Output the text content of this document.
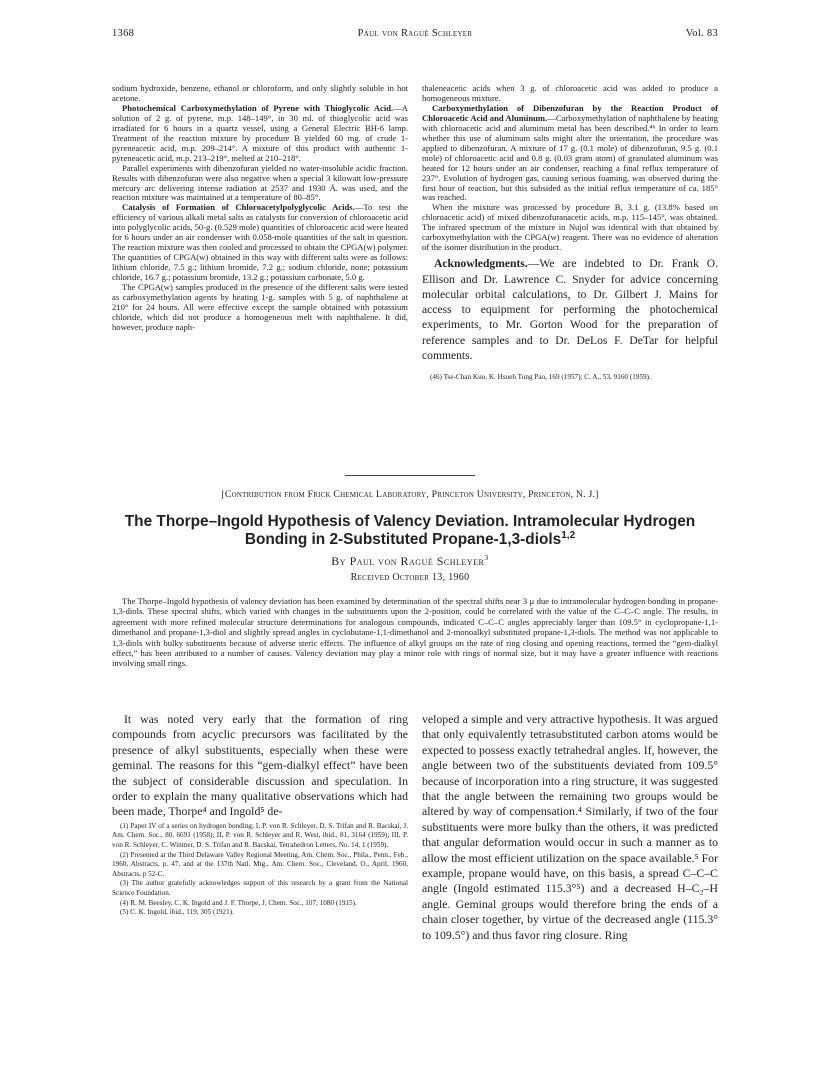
1368	Paul von Ragué Schleyer	Vol. 83

sodium hydroxide, benzene, ethanol or chloroform, and only slightly soluble in hot acetone.

Photochemical Carboxymethylation of Pyrene with Thioglycolic Acid.—A solution of 2 g. of pyrene, m.p. 148–149°, in 30 ml. of thioglycolic acid was irradiated for 6 hours in a quartz vessel, using a General Electric BH-6 lamp. Treatment of the reaction mixture by procedure B yielded 60 mg. of crude 1-pyreneacetic acid, m.p. 209–214°. A mixture of this product with authentic 1-pyreneacetic acid, m.p. 213–219°, melted at 210–218°.

Parallel experiments with dibenzofuran yielded no water-insoluble acidic fraction. Results with dibenzofuran were also negative when a special 3 kilowatt low-pressure mercury arc delivering intense radiation at 2537 and 1930 Å. was used, and the reaction mixture was maintained at a temperature of 80–85°.

Catalysis of Formation of Chloroacetylpolyglycolic Acids.—To test the efficiency of various alkali metal salts as catalysts for conversion of chloroacetic acid into polyglycolic acids, 50-g. (0.529 mole) quantities of chloroacetic acid were heated for 6 hours under an air condenser with 0.058-mole quantities of the salt in question. The reaction mixture was then cooled and processed to obtain the CPGA(w) polymer. The quantities of CPGA(w) obtained in this way with different salts were as follows: lithium chloride, 7.5 g.; lithium bromide, 7.2 g.; sodium chloride, none; potassium chloride, 16.7 g.; potassium bromide, 13.2 g.; potassium carbonate, 5.0 g.

The CPGA(w) samples produced in the presence of the different salts were tested as carboxymethylation agents by heating 1-g. samples with 5 g. of naphthalene at 210° for 24 hours. All were effective except the sample obtained with potassium chloride, which did not produce a homogeneous melt with naphthalene. It did, however, produce naph-

thaleneacetic acids when 3 g. of chloroacetic acid was added to produce a homogeneous mixture.

Carboxymethylation of Dibenzofuran by the Reaction Product of Chloroacetic Acid and Aluminum.—Carboxymethylation of naphthalene by heating with chloroacetic acid and aluminum metal has been described.⁴⁶ In order to learn whether this use of aluminum salts might alter the orientation, the procedure was applied to dibenzofuran. A mixture of 17 g. (0.1 mole) of dibenzofuran, 9.5 g. (0.1 mole) of chloroacetic acid and 0.8 g. (0.03 gram atom) of granulated aluminum was heated for 12 hours under an air condenser, reaching a final reflux temperature of 237°. Evolution of hydrogen gas, causing serious foaming, was observed during the first hour of reaction, but this subsided as the initial reflux temperature of ca. 185° was reached.

When the mixture was processed by procedure B, 3.1 g. (13.8% based on chloroacetic acid) of mixed dibenzofuranacetic acids, m.p. 115–145°, was obtained. The infrared spectrum of the mixture in Nujol was identical with that obtained by carboxymethylation with the CPGA(w) reagent. There was no evidence of alteration of the isomer distribution in the product.

Acknowledgments.—We are indebted to Dr. Frank O. Ellison and Dr. Lawrence C. Snyder for advice concerning molecular orbital calculations, to Dr. Gilbert J. Mains for access to equipment for performing the photochemical experiments, to Mr. Gorton Wood for the preparation of reference samples and to Dr. DeLos F. DeTar for helpful comments.

(46) Tse-Chan Kuo, K. Hsueh Tung Pao, 169 (1957); C. A., 53, 9160 (1959).

[Contribution from Frick Chemical Laboratory, Princeton University, Princeton, N. J.]
The Thorpe–Ingold Hypothesis of Valency Deviation. Intramolecular Hydrogen
Bonding in 2-Substituted Propane-1,3-diols$^{1,2}$
By Paul von Ragué Schleyer$^3$
Received October 13, 1960

The Thorpe–Ingold hypothesis of valency deviation has been examined by determination of the spectral shifts near 3 μ due to intramolecular hydrogen bonding in propane-1,3-diols. These spectral shifts, which varied with changes in the substituents upon the 2-position, could be correlated with the value of the C–C–C angle. The results, in agreement with more refined molecular structure determinations for analogous compounds, indicated C–C–C angles appreciably larger than 109.5° in cyclopropane-1,1-dimethanol and propane-1,3-diol and slightly spread angles in cyclobutane-1,1-dimethanol and 2-monoalkyl substituted propane-1,3-diols. The method was not applicable to 1,3-diols with bulky substituents because of adverse steric effects. The influence of alkyl groups on the rate of ring closing and opening reactions, termed the “gem-dialkyl effect,” has been attributed to a number of causes. Valency deviation may play a minor role with rings of normal size, but it may have a greater influence with reactions involving small rings.

It was noted very early that the formation of ring compounds from acyclic precursors was facilitated by the presence of alkyl substituents, especially when these were geminal. The reasons for this “gem-dialkyl effect” have been the subject of considerable discussion and speculation. In order to explain the many qualitative observations which had been made, Thorpe⁴ and Ingold⁵ de-

(1) Paper IV of a series on hydrogen bonding; I, P. von R. Schleyer, D. S. Trifan and R. Bacskai, J. Am. Chem. Soc., 80, 6691 (1958); II, P. von R. Schleyer and R. West, ibid., 81, 3164 (1959); III, P. von R. Schleyer, C. Wintner, D. S. Trifan and R. Bacskai, Tetrahedron Letters, No. 14, 1 (1959).

(2) Presented at the Third Delaware Valley Regional Meeting, Am. Chem. Soc., Phila., Penn., Feb., 1960, Abstracts, p. 47, and at the 137th Natl. Mtg., Am. Chem. Soc., Cleveland, O., April, 1960, Abstracts, p 52-C.

(3) The author gratefully acknowledges support of this research by a grant from the National Science Foundation.

(4) R. M. Beesley, C. K. Ingold and J. F. Thorpe, J. Chem. Soc., 107, 1080 (1915).

(5) C. K. Ingold, ibid., 119, 305 (1921).

veloped a simple and very attractive hypothesis. It was argued that only equivalently tetrasubstituted carbon atoms would be expected to possess exactly tetrahedral angles. If, however, the angle between two of the substituents deviated from 109.5° because of incorporation into a ring structure, it was suggested that the angle between the remaining two groups would be altered by way of compensation.⁴ Similarly, if two of the four substituents were more bulky than the others, it was predicted that angular deformation would occur in such a manner as to allow the most efficient utilization on the space available.⁵ For example, propane would have, on this basis, a spread C–C–C angle (Ingold estimated 115.3°⁵) and a decreased H–C₂–H angle. Geminal groups would therefore bring the ends of a chain closer together, by virtue of the decreased angle (115.3° to 109.5°) and thus favor ring closure. Ring
